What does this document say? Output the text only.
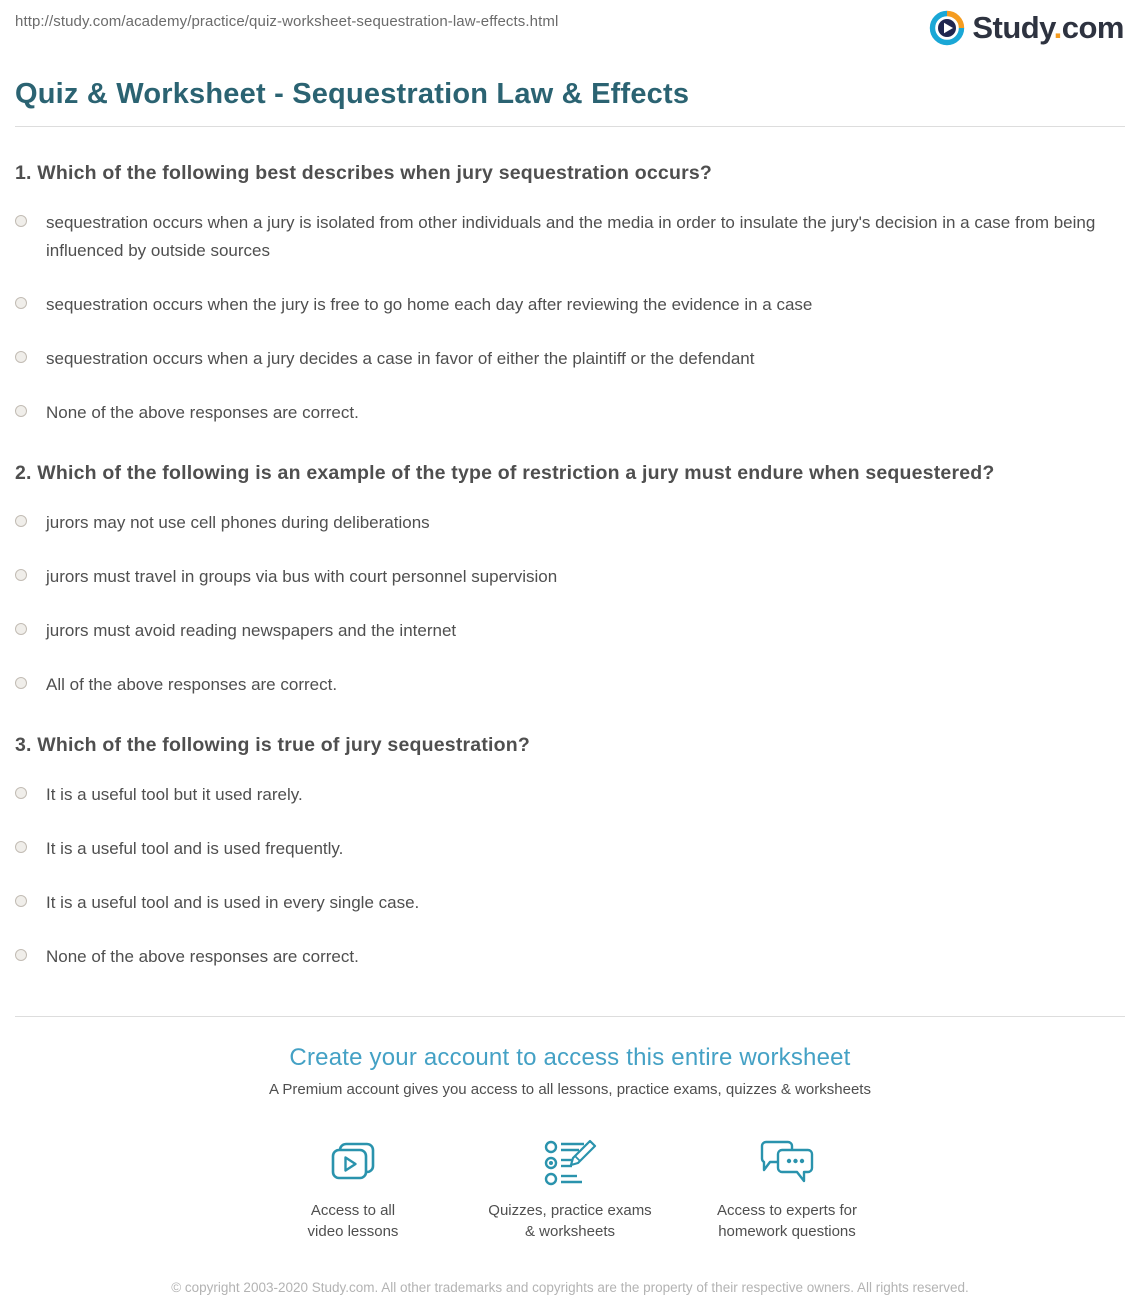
http://study.com/academy/practice/quiz-worksheet-sequestration-law-effects.html	Study.com
Quiz & Worksheet - Sequestration Law & Effects
1. Which of the following best describes when jury sequestration occurs?
sequestration occurs when a jury is isolated from other individuals and the media in order to insulate the jury's decision in a case from being influenced by outside sources
sequestration occurs when the jury is free to go home each day after reviewing the evidence in a case
sequestration occurs when a jury decides a case in favor of either the plaintiff or the defendant
None of the above responses are correct.
2. Which of the following is an example of the type of restriction a jury must endure when sequestered?
jurors may not use cell phones during deliberations
jurors must travel in groups via bus with court personnel supervision
jurors must avoid reading newspapers and the internet
All of the above responses are correct.
3. Which of the following is true of jury sequestration?
It is a useful tool but it used rarely.
It is a useful tool and is used frequently.
It is a useful tool and is used in every single case.
None of the above responses are correct.
Create your account to access this entire worksheet
A Premium account gives you access to all lessons, practice exams, quizzes & worksheets
Access to all
video lessons
Quizzes, practice exams
& worksheets
Access to experts for
homework questions
© copyright 2003-2020 Study.com. All other trademarks and copyrights are the property of their respective owners. All rights reserved.
